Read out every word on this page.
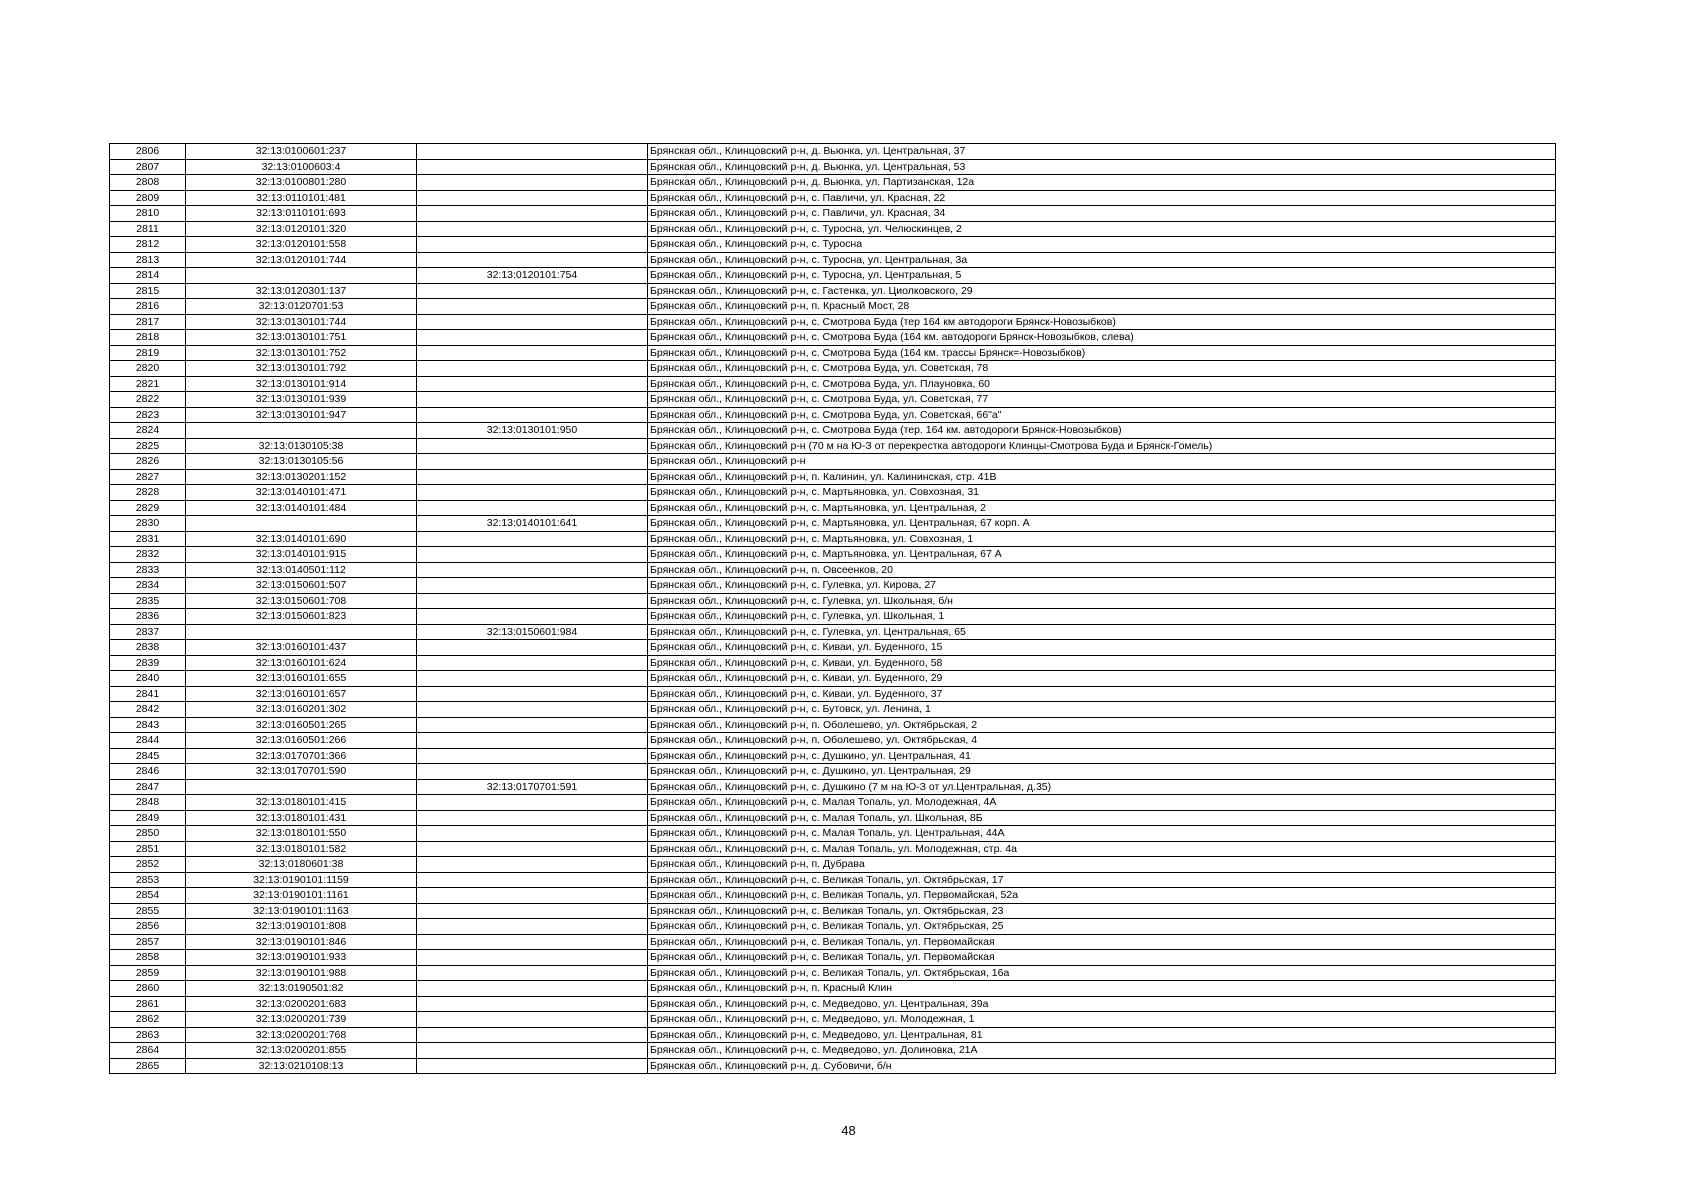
2806	32:13:0100601:237		Брянская обл., Клинцовский р-н, д. Вьюнка, ул. Центральная, 37
2807	32:13:0100603:4		Брянская обл., Клинцовский р-н, д. Вьюнка, ул. Центральная, 53
2808	32:13:0100801:280		Брянская обл., Клинцовский р-н, д. Вьюнка, ул. Партизанская, 12а
2809	32:13:0110101:481		Брянская обл., Клинцовский р-н, с. Павличи, ул. Красная, 22
2810	32:13:0110101:693		Брянская обл., Клинцовский р-н, с. Павличи, ул. Красная, 34
2811	32:13:0120101:320		Брянская обл., Клинцовский р-н, с. Туросна, ул. Челюскинцев, 2
2812	32:13:0120101:558		Брянская обл., Клинцовский р-н, с. Туросна
2813	32:13:0120101:744		Брянская обл., Клинцовский р-н, с. Туросна, ул. Центральная, 3а
2814		32:13:0120101:754	Брянская обл., Клинцовский р-н, с. Туросна, ул. Центральная, 5
2815	32:13:0120301:137		Брянская обл., Клинцовский р-н, с. Гастенка, ул. Циолковского, 29
2816	32:13:0120701:53		Брянская обл., Клинцовский р-н, п. Красный Мост, 28
2817	32:13:0130101:744		Брянская обл., Клинцовский р-н, с. Смотрова Буда (тер 164 км автодороги Брянск-Новозыбков)
2818	32:13:0130101:751		Брянская обл., Клинцовский р-н, с. Смотрова Буда (164 км. автодороги Брянск-Новозыбков, слева)
2819	32:13:0130101:752		Брянская обл., Клинцовский р-н, с. Смотрова Буда (164 км. трассы Брянск=-Новозыбков)
2820	32:13:0130101:792		Брянская обл., Клинцовский р-н, с. Смотрова Буда, ул. Советская, 78
2821	32:13:0130101:914		Брянская обл., Клинцовский р-н, с. Смотрова Буда, ул. Плауновка, 60
2822	32:13:0130101:939		Брянская обл., Клинцовский р-н, с. Смотрова Буда, ул. Советская, 77
2823	32:13:0130101:947		Брянская обл., Клинцовский р-н, с. Смотрова Буда, ул. Советская, 66"а"
2824		32:13:0130101:950	Брянская обл., Клинцовский р-н, с. Смотрова Буда (тер. 164 км. автодороги Брянск-Новозыбков)
2825	32:13:0130105:38		Брянская обл., Клинцовский р-н (70 м на Ю-З от перекрестка автодороги Клинцы-Смотрова Буда и Брянск-Гомель)
2826	32:13:0130105:56		Брянская обл., Клинцовский р-н
2827	32:13:0130201:152		Брянская обл., Клинцовский р-н, п. Калинин, ул. Калининская, стр. 41В
2828	32:13:0140101:471		Брянская обл., Клинцовский р-н, с. Мартьяновка, ул. Совхозная, 31
2829	32:13:0140101:484		Брянская обл., Клинцовский р-н, с. Мартьяновка, ул. Центральная, 2
2830		32:13:0140101:641	Брянская обл., Клинцовский р-н, с. Мартьяновка, ул. Центральная, 67 корп. А
2831	32:13:0140101:690		Брянская обл., Клинцовский р-н, с. Мартьяновка, ул. Совхозная, 1
2832	32:13:0140101:915		Брянская обл., Клинцовский р-н, с. Мартьяновка, ул. Центральная, 67 А
2833	32:13:0140501:112		Брянская обл., Клинцовский р-н, п. Овсеенков, 20
2834	32:13:0150601:507		Брянская обл., Клинцовский р-н, с. Гулевка, ул. Кирова, 27
2835	32:13:0150601:708		Брянская обл., Клинцовский р-н, с. Гулевка, ул. Школьная, б/н
2836	32:13:0150601:823		Брянская обл., Клинцовский р-н, с. Гулевка, ул. Школьная, 1
2837		32:13:0150601:984	Брянская обл., Клинцовский р-н, с. Гулевка, ул. Центральная, 65
2838	32:13:0160101:437		Брянская обл., Клинцовский р-н, с. Киваи, ул. Буденного, 15
2839	32:13:0160101:624		Брянская обл., Клинцовский р-н, с. Киваи, ул. Буденного, 58
2840	32:13:0160101:655		Брянская обл., Клинцовский р-н, с. Киваи, ул. Буденного, 29
2841	32:13:0160101:657		Брянская обл., Клинцовский р-н, с. Киваи, ул. Буденного, 37
2842	32:13:0160201:302		Брянская обл., Клинцовский р-н, с. Бутовск, ул. Ленина, 1
2843	32:13:0160501:265		Брянская обл., Клинцовский р-н, п. Оболешево, ул. Октябрьская, 2
2844	32:13:0160501:266		Брянская обл., Клинцовский р-н, п. Оболешево, ул. Октябрьская, 4
2845	32:13:0170701:366		Брянская обл., Клинцовский р-н, с. Душкино, ул. Центральная, 41
2846	32:13:0170701:590		Брянская обл., Клинцовский р-н, с. Душкино, ул. Центральная, 29
2847		32:13:0170701:591	Брянская обл., Клинцовский р-н, с. Душкино (7 м на Ю-З от ул.Центральная, д.35)
2848	32:13:0180101:415		Брянская обл., Клинцовский р-н, с. Малая Топаль, ул. Молодежная, 4А
2849	32:13:0180101:431		Брянская обл., Клинцовский р-н, с. Малая Топаль, ул. Школьная, 8Б
2850	32:13:0180101:550		Брянская обл., Клинцовский р-н, с. Малая Топаль, ул. Центральная, 44А
2851	32:13:0180101:582		Брянская обл., Клинцовский р-н, с. Малая Топаль, ул. Молодежная, стр. 4а
2852	32:13:0180601:38		Брянская обл., Клинцовский р-н, п. Дубрава
2853	32:13:0190101:1159		Брянская обл., Клинцовский р-н, с. Великая Топаль, ул. Октябрьская, 17
2854	32:13:0190101:1161		Брянская обл., Клинцовский р-н, с. Великая Топаль, ул. Первомайская, 52а
2855	32:13:0190101:1163		Брянская обл., Клинцовский р-н, с. Великая Топаль, ул. Октябрьская, 23
2856	32:13:0190101:808		Брянская обл., Клинцовский р-н, с. Великая Топаль, ул. Октябрьская, 25
2857	32:13:0190101:846		Брянская обл., Клинцовский р-н, с. Великая Топаль, ул. Первомайская
2858	32:13:0190101:933		Брянская обл., Клинцовский р-н, с. Великая Топаль, ул. Первомайская
2859	32:13:0190101:988		Брянская обл., Клинцовский р-н, с. Великая Топаль, ул. Октябрьская, 16а
2860	32:13:0190501:82		Брянская обл., Клинцовский р-н, п. Красный Клин
2861	32:13:0200201:683		Брянская обл., Клинцовский р-н, с. Медведово, ул. Центральная, 39а
2862	32:13:0200201:739		Брянская обл., Клинцовский р-н, с. Медведово, ул. Молодежная, 1
2863	32:13:0200201:768		Брянская обл., Клинцовский р-н, с. Медведово, ул. Центральная, 81
2864	32:13:0200201:855		Брянская обл., Клинцовский р-н, с. Медведово, ул. Долиновка, 21А
2865	32:13:0210108:13		Брянская обл., Клинцовский р-н, д. Субовичи, б/н
48
